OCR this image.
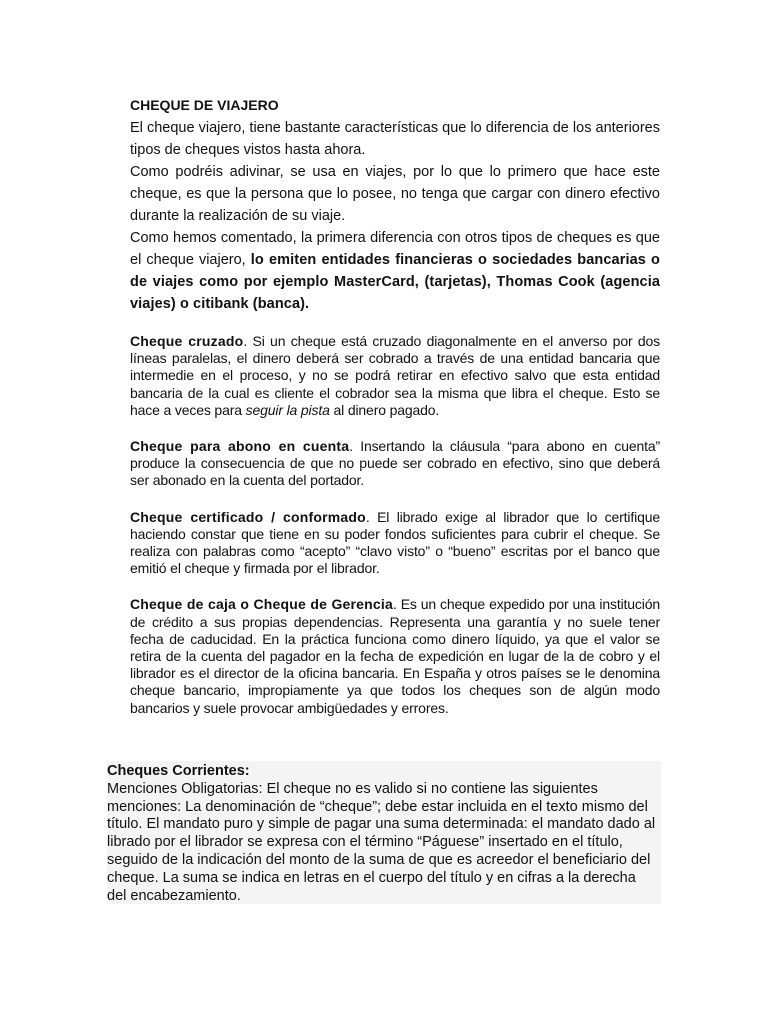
CHEQUE DE VIAJERO

El cheque viajero, tiene bastante características que lo diferencia de los anteriores tipos de cheques vistos hasta ahora.

Como podréis adivinar, se usa en viajes, por lo que lo primero que hace este cheque, es que la persona que lo posee, no tenga que cargar con dinero efectivo durante la realización de su viaje.

Como hemos comentado, la primera diferencia con otros tipos de cheques es que el cheque viajero, lo emiten entidades financieras o sociedades bancarias o de viajes como por ejemplo MasterCard, (tarjetas), Thomas Cook (agencia viajes) o citibank (banca).

Cheque cruzado. Si un cheque está cruzado diagonalmente en el anverso por dos líneas paralelas, el dinero deberá ser cobrado a través de una entidad bancaria que intermedie en el proceso, y no se podrá retirar en efectivo salvo que esta entidad bancaria de la cual es cliente el cobrador sea la misma que libra el cheque. Esto se hace a veces para seguir la pista al dinero pagado.

Cheque para abono en cuenta. Insertando la cláusula “para abono en cuenta” produce la consecuencia de que no puede ser cobrado en efectivo, sino que deberá ser abonado en la cuenta del portador.

Cheque certificado / conformado. El librado exige al librador que lo certifique haciendo constar que tiene en su poder fondos suficientes para cubrir el cheque. Se realiza con palabras como “acepto” “clavo visto” o “bueno” escritas por el banco que emitió el cheque y firmada por el librador.

Cheque de caja o Cheque de Gerencia. Es un cheque expedido por una institución de crédito a sus propias dependencias. Representa una garantía y no suele tener fecha de caducidad. En la práctica funciona como dinero líquido, ya que el valor se retira de la cuenta del pagador en la fecha de expedición en lugar de la de cobro y el librador es el director de la oficina bancaria. En España y otros países se le denomina cheque bancario, impropiamente ya que todos los cheques son de algún modo bancarios y suele provocar ambigüedades y errores.

Cheques Corrientes:

Menciones Obligatorias: El cheque no es valido si no contiene las siguientes menciones: La denominación de “cheque”; debe estar incluida en el texto mismo del título. El mandato puro y simple de pagar una suma determinada: el mandato dado al librado por el librador se expresa con el término “Páguese” insertado en el título, seguido de la indicación del monto de la suma de que es acreedor el beneficiario del cheque. La suma se indica en letras en el cuerpo del título y en cifras a la derecha del encabezamiento.
